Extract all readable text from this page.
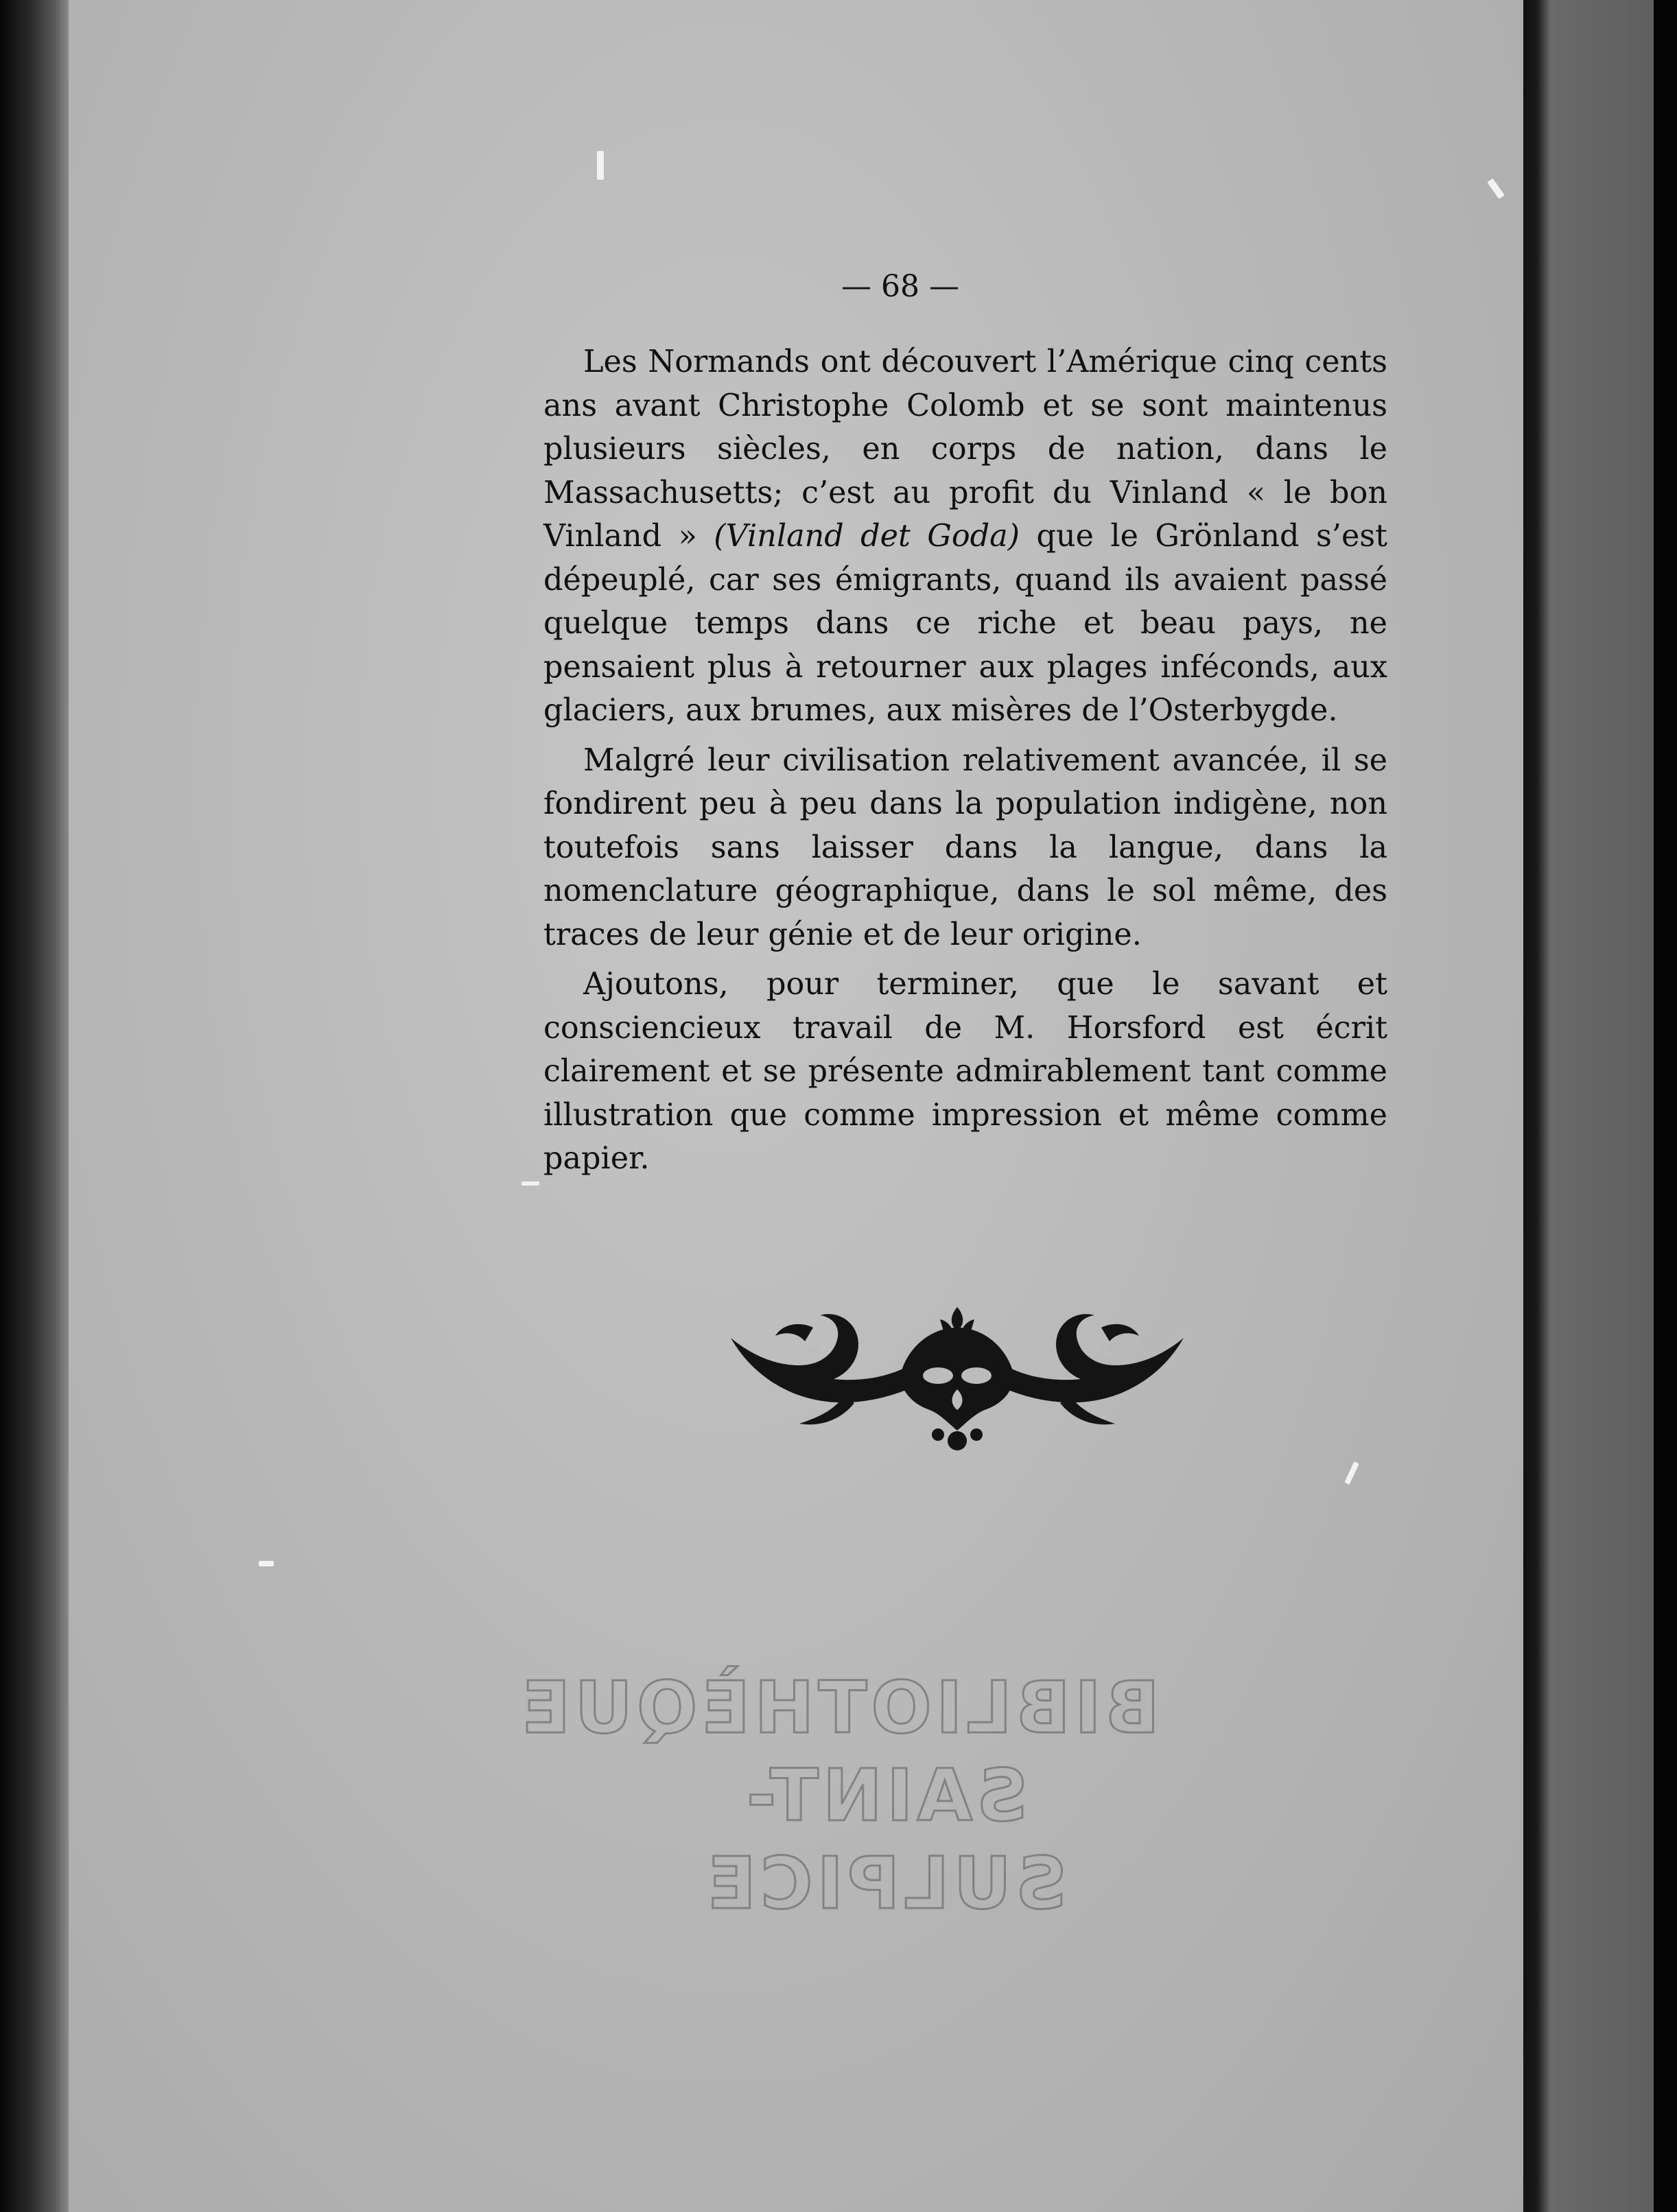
— 68 —

Les Normands ont découvert l’Amérique cinq cents ans avant Christophe Colomb et se sont maintenus plusieurs siècles, en corps de nation, dans le Massachusetts; c’est au profit du Vinland « le bon Vinland » (Vinland det Goda) que le Grönland s’est dépeuplé, car ses émigrants, quand ils avaient passé quelque temps dans ce riche et beau pays, ne pensaient plus à retourner aux plages inféconds, aux glaciers, aux brumes, aux misères de l’Osterbygde.

Malgré leur civilisation relativement avancée, il se fondirent peu à peu dans la population indigène, non toutefois sans laisser dans la langue, dans la nomenclature géographique, dans le sol même, des traces de leur génie et de leur origine.

Ajoutons, pour terminer, que le savant et consciencieux travail de M. Horsford est écrit clairement et se présente admirablement tant comme illustration que comme impression et même comme papier.

BIBLIOTHÈQUE
SAINT-SULPICE
